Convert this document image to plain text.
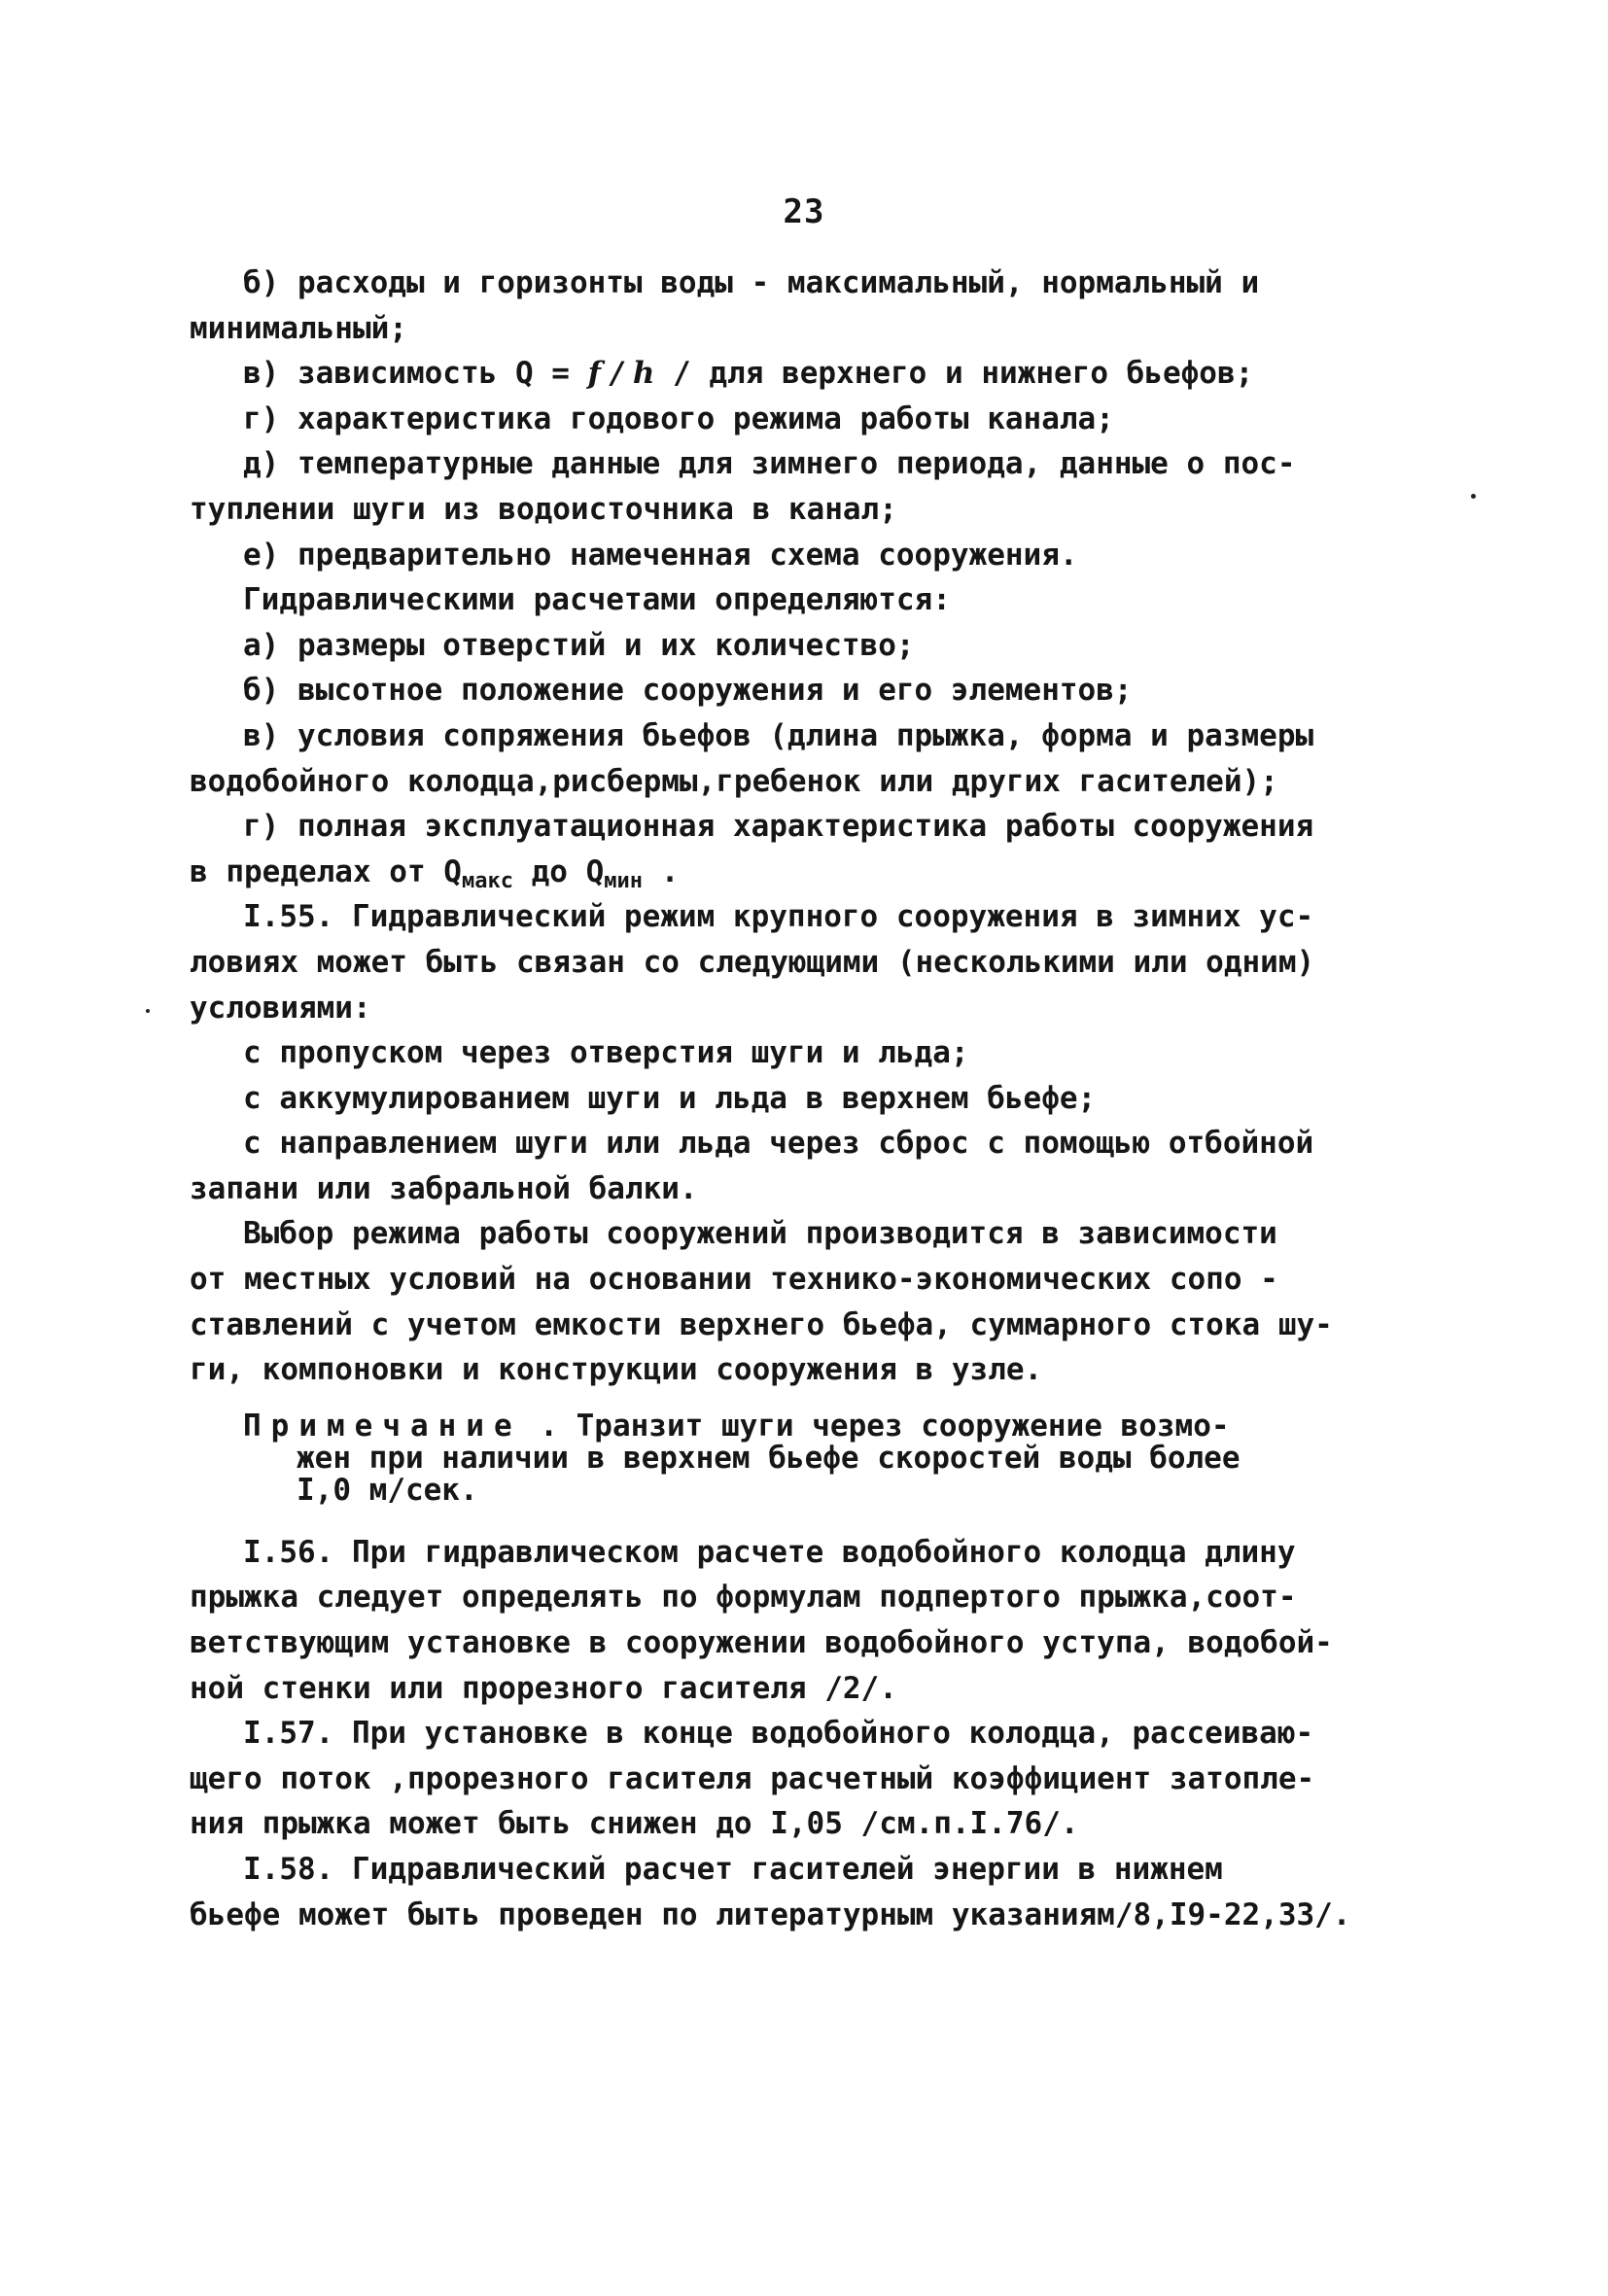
23
б) расходы и горизонты воды - максимальный, нормальный и
минимальный;
в) зависимость Q = f / h / для верхнего и нижнего бьефов;
г) характеристика годового режима работы канала;
д) температурные данные для зимнего периода, данные о пос-
туплении шуги из водоисточника в канал;
е) предварительно намеченная схема сооружения.
Гидравлическими расчетами определяются:
а) размеры отверстий и их количество;
б) высотное положение сооружения и его элементов;
в) условия сопряжения бьефов (длина прыжка, форма и размеры
водобойного колодца,рисбермы,гребенок или других гасителей);
г) полная эксплуатационная характеристика работы сооружения
в пределах от $Q_{макс}$ до $Q_{мин}$ .
I.55. Гидравлический режим крупного сооружения в зимних ус-
ловиях может быть связан со следующими (несколькими или одним)
условиями:
с пропуском через отверстия шуги и льда;
с аккумулированием шуги и льда в верхнем бьефе;
с направлением шуги или льда через сброс с помощью отбойной
запани или забральной балки.
Выбор режима работы сооружений производится в зависимости
от местных условий на основании технико-экономических сопо -
ставлений с учетом емкости верхнего бьефа, суммарного стока шу-
ги, компоновки и конструкции сооружения в узле.
Примечание . Транзит шуги через сооружение возмо-
жен при наличии в верхнем бьефе скоростей воды более
I,0 м/сек.
I.56. При гидравлическом расчете водобойного колодца длину
прыжка следует определять по формулам подпертого прыжка,соот-
ветствующим установке в сооружении водобойного уступа, водобой-
ной стенки или прорезного гасителя /2/.
I.57. При установке в конце водобойного колодца, рассеиваю-
щего поток ,прорезного гасителя расчетный коэффициент затопле-
ния прыжка может быть снижен до I,05 /см.п.I.76/.
I.58. Гидравлический расчет гасителей энергии в нижнем
бьефе может быть проведен по литературным указаниям/8,I9-22,33/.
